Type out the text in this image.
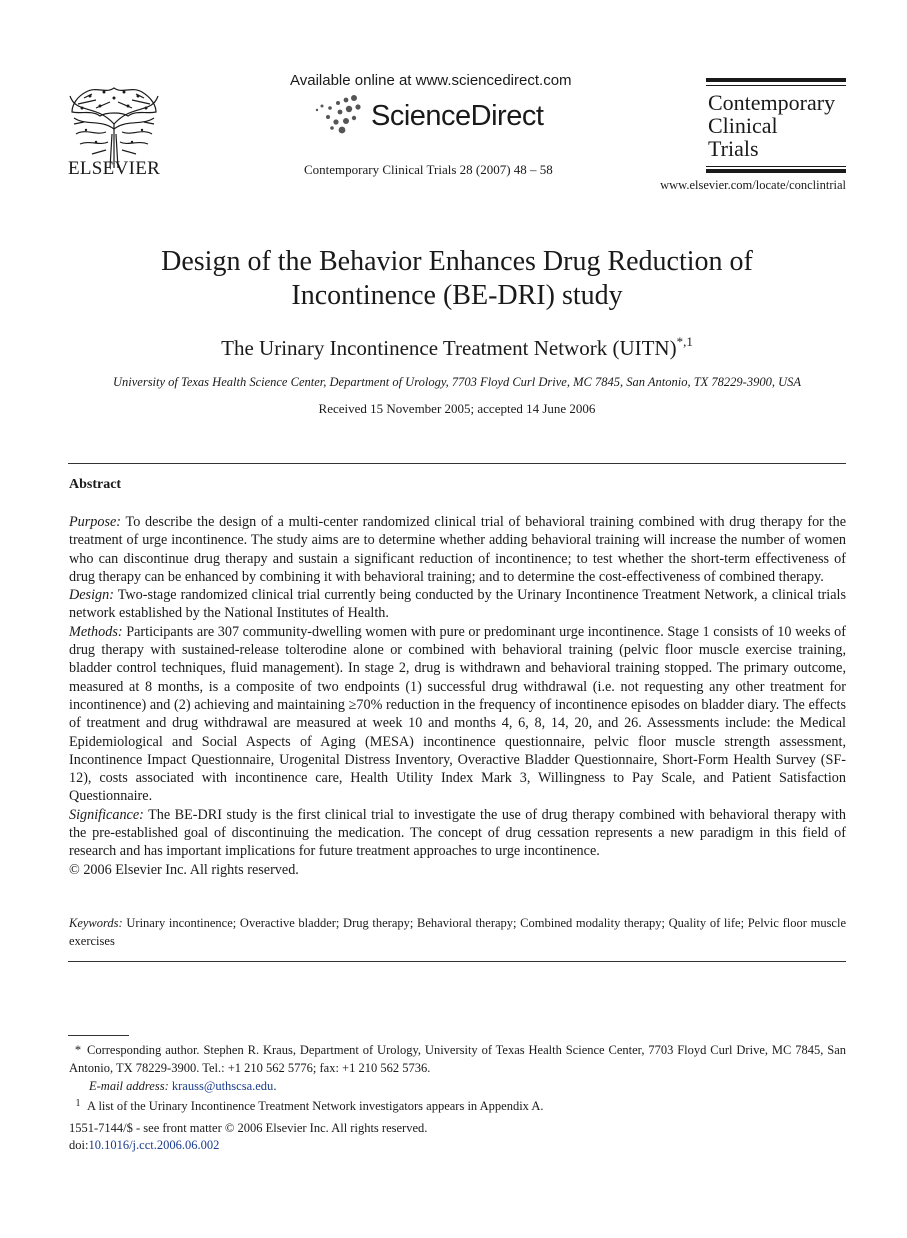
ELSEVIER
Available online at www.sciencedirect.com
ScienceDirect
Contemporary Clinical Trials 28 (2007) 48 – 58
Contemporary
Clinical
Trials
www.elsevier.com/locate/conclintrial
Design of the Behavior Enhances Drug Reduction of
Incontinence (BE-DRI) study
The Urinary Incontinence Treatment Network (UITN)$^{*,1}$
University of Texas Health Science Center, Department of Urology, 7703 Floyd Curl Drive, MC 7845, San Antonio, TX 78229-3900, USA
Received 15 November 2005; accepted 14 June 2006
Abstract

Purpose: To describe the design of a multi-center randomized clinical trial of behavioral training combined with drug therapy for the treatment of urge incontinence. The study aims are to determine whether adding behavioral training will increase the number of women who can discontinue drug therapy and sustain a significant reduction of incontinence; to test whether the short-term effectiveness of drug therapy can be enhanced by combining it with behavioral training; and to determine the cost-effectiveness of combined therapy.

Design: Two-stage randomized clinical trial currently being conducted by the Urinary Incontinence Treatment Network, a clinical trials network established by the National Institutes of Health.

Methods: Participants are 307 community-dwelling women with pure or predominant urge incontinence. Stage 1 consists of 10 weeks of drug therapy with sustained-release tolterodine alone or combined with behavioral training (pelvic floor muscle exercise training, bladder control techniques, fluid management). In stage 2, drug is withdrawn and behavioral training stopped. The primary outcome, measured at 8 months, is a composite of two endpoints (1) successful drug withdrawal (i.e. not requesting any other treatment for incontinence) and (2) achieving and maintaining ≥70% reduction in the frequency of incontinence episodes on bladder diary. The effects of treatment and drug withdrawal are measured at week 10 and months 4, 6, 8, 14, 20, and 26. Assessments include: the Medical Epidemiological and Social Aspects of Aging (MESA) incontinence questionnaire, pelvic floor muscle strength assessment, Incontinence Impact Questionnaire, Urogenital Distress Inventory, Overactive Bladder Questionnaire, Short-Form Health Survey (SF-12), costs associated with incontinence care, Health Utility Index Mark 3, Willingness to Pay Scale, and Patient Satisfaction Questionnaire.

Significance: The BE-DRI study is the first clinical trial to investigate the use of drug therapy combined with behavioral therapy with the pre-established goal of discontinuing the medication. The concept of drug cessation represents a new paradigm in this field of research and has important implications for future treatment approaches to urge incontinence.

© 2006 Elsevier Inc. All rights reserved.

Keywords: Urinary incontinence; Overactive bladder; Drug therapy; Behavioral therapy; Combined modality therapy; Quality of life; Pelvic floor muscle exercises

* Corresponding author. Stephen R. Kraus, Department of Urology, University of Texas Health Science Center, 7703 Floyd Curl Drive, MC 7845, San Antonio, TX 78229-3900. Tel.: +1 210 562 5776; fax: +1 210 562 5736.

E-mail address: krauss@uthscsa.edu.

1 A list of the Urinary Incontinence Treatment Network investigators appears in Appendix A.

1551-7144/$ - see front matter © 2006 Elsevier Inc. All rights reserved.
doi:10.1016/j.cct.2006.06.002
